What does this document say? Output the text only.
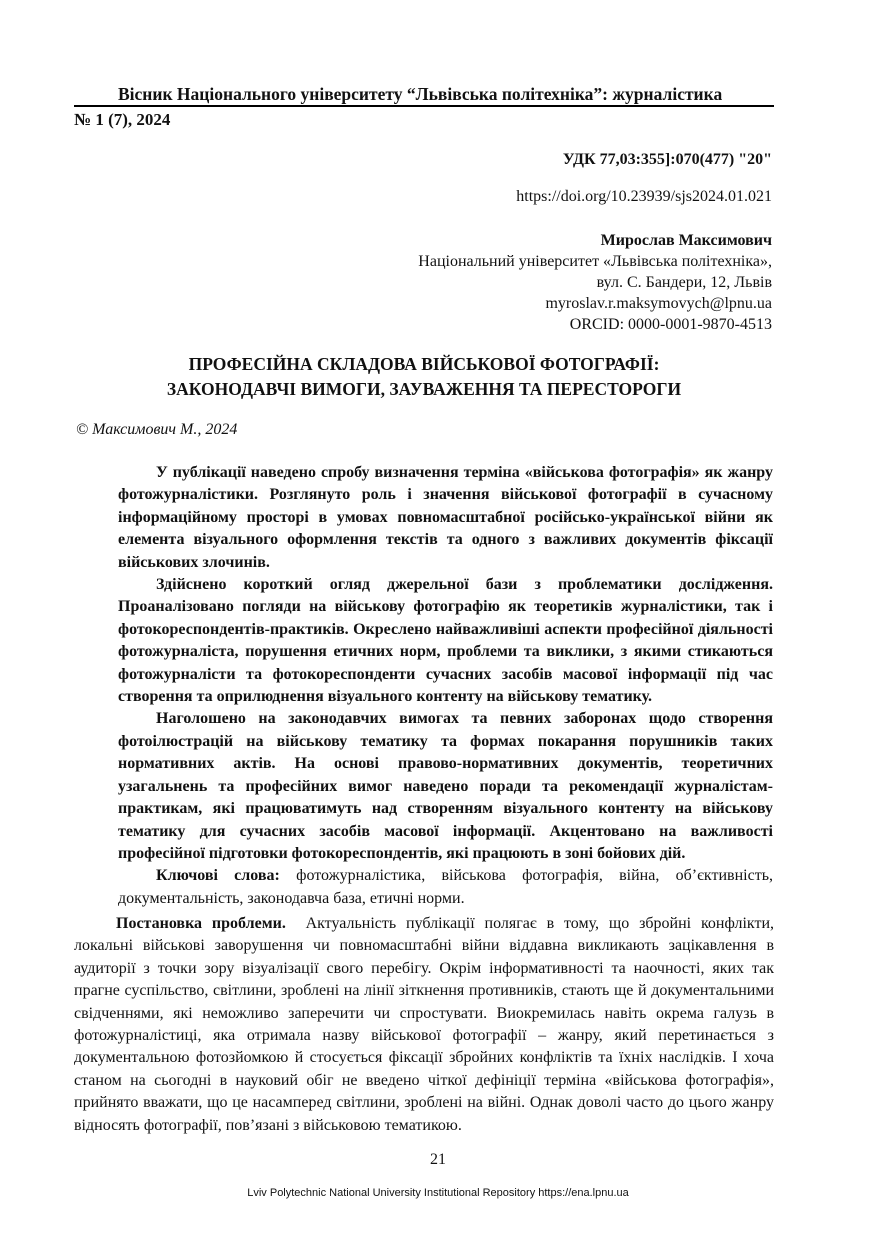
Вісник Національного університету “Львівська політехніка”: журналістика
№ 1 (7), 2024
УДК 77,03:355]:070(477) "20"
https://doi.org/10.23939/sjs2024.01.021
Мирослав Максимович
Національний університет «Львівська політехніка»,
вул. С. Бандери, 12, Львів
myroslav.r.maksymovych@lpnu.ua
ORCID: 0000-0001-9870-4513
ПРОФЕСІЙНА СКЛАДОВА ВІЙСЬКОВОЇ ФОТОГРАФІЇ:
ЗАКОНОДАВЧІ ВИМОГИ, ЗАУВАЖЕННЯ ТА ПЕРЕСТОРОГИ
© Максимович М., 2024

У публікації наведено спробу визначення терміна «військова фотографія» як жанру фотожурналістики. Розглянуто роль і значення військової фотографії в сучасному інформаційному просторі в умовах повномасштабної російсько-української війни як елемента візуального оформлення текстів та одного з важливих документів фіксації військових злочинів.

Здійснено короткий огляд джерельної бази з проблематики дослідження. Проаналізовано погляди на військову фотографію як теоретиків журналістики, так і фотокореспондентів-практиків. Окреслено найважливіші аспекти професійної діяльності фотожурналіста, порушення етичних норм, проблеми та виклики, з якими стикаються фотожурналісти та фотокореспонденти сучасних засобів масової інформації під час створення та оприлюднення візуального контенту на військову тематику.

Наголошено на законодавчих вимогах та певних заборонах щодо створення фотоілюстрацій на військову тематику та формах покарання порушників таких нормативних актів. На основі правово-нормативних документів, теоретичних узагальнень та професійних вимог наведено поради та рекомендації журналістам-практикам, які працюватимуть над створенням візуального контенту на військову тематику для сучасних засобів масової інформації. Акцентовано на важливості професійної підготовки фотокореспондентів, які працюють в зоні бойових дій.

Ключові слова: фотожурналістика, військова фотографія, війна, об’єктивність, документальність, законодавча база, етичні норми.

Постановка проблеми. Актуальність публікації полягає в тому, що збройні конфлікти, локальні військові заворушення чи повномасштабні війни віддавна викликають зацікавлення в аудиторії з точки зору візуалізації свого перебігу. Окрім інформативності та наочності, яких так прагне суспільство, світлини, зроблені на лінії зіткнення противників, стають ще й документальними свідченнями, які неможливо заперечити чи спростувати. Виокремилась навіть окрема галузь в фотожурналістиці, яка отримала назву військової фотографії – жанру, який перетинається з документальною фотозйомкою й стосується фіксації збройних конфліктів та їхніх наслідків. І хоча станом на сьогодні в науковий обіг не введено чіткої дефініції терміна «військова фотографія», прийнято вважати, що це насамперед світлини, зроблені на війні. Однак доволі часто до цього жанру відносять фотографії, пов’язані з військовою тематикою.

21
Lviv Polytechnic National University Institutional Repository https://ena.lpnu.ua
